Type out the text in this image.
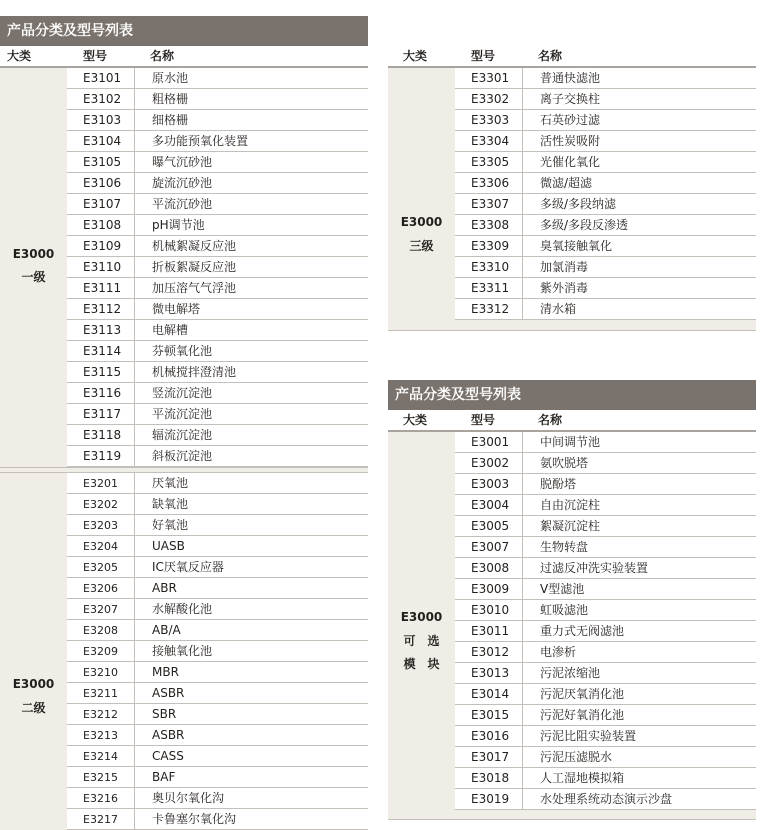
产品分类及型号列表
大类	型号	名称
E3000
一级
E3101	原水池
E3102	粗格栅
E3103	细格栅
E3104	多功能预氧化装置
E3105	曝气沉砂池
E3106	旋流沉砂池
E3107	平流沉砂池
E3108	pH调节池
E3109	机械絮凝反应池
E3110	折板絮凝反应池
E3111	加压溶气气浮池
E3112	微电解塔
E3113	电解槽
E3114	芬顿氧化池
E3115	机械搅拌澄清池
E3116	竖流沉淀池
E3117	平流沉淀池
E3118	辐流沉淀池
E3119	斜板沉淀池
E3000
二级
E3201	厌氧池
E3202	缺氧池
E3203	好氧池
E3204	UASB
E3205	IC厌氧反应器
E3206	ABR
E3207	水解酸化池
E3208	AB/A
E3209	接触氧化池
E3210	MBR
E3211	ASBR
E3212	SBR
E3213	ASBR
E3214	CASS
E3215	BAF
E3216	奥贝尔氧化沟
E3217	卡鲁塞尔氧化沟
大类	型号	名称
E3000
三级
E3301	普通快滤池
E3302	离子交换柱
E3303	石英砂过滤
E3304	活性炭吸附
E3305	光催化氧化
E3306	微滤/超滤
E3307	多级/多段纳滤
E3308	多级/多段反渗透
E3309	臭氧接触氧化
E3310	加氯消毒
E3311	紫外消毒
E3312	清水箱
产品分类及型号列表
大类	型号	名称
E3000
可　选
模　块
E3001	中间调节池
E3002	氨吹脱塔
E3003	脱酚塔
E3004	自由沉淀柱
E3005	絮凝沉淀柱
E3007	生物转盘
E3008	过滤反冲洗实验装置
E3009	V型滤池
E3010	虹吸滤池
E3011	重力式无阀滤池
E3012	电渗析
E3013	污泥浓缩池
E3014	污泥厌氧消化池
E3015	污泥好氧消化池
E3016	污泥比阻实验装置
E3017	污泥压滤脱水
E3018	人工湿地模拟箱
E3019	水处理系统动态演示沙盘
